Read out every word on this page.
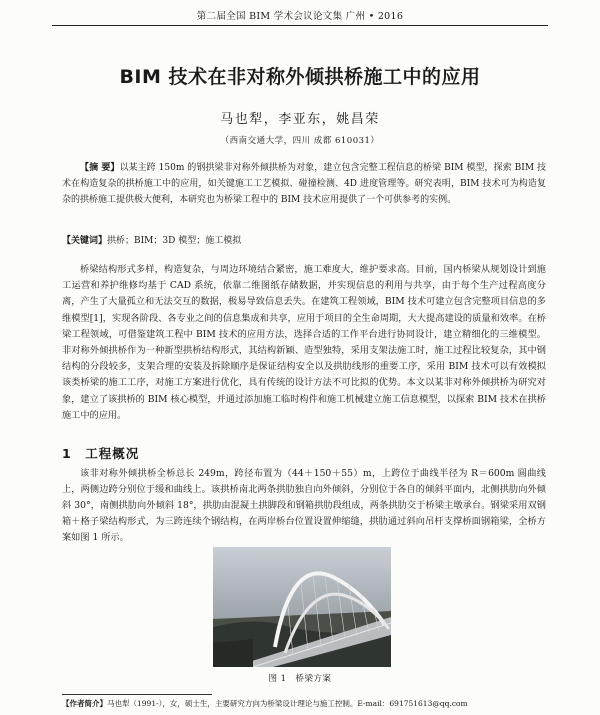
第二届全国 BIM 学术会议论文集 广州 • 2016
BIM 技术在非对称外倾拱桥施工中的应用
马也犁，李亚东，姚昌荣
（西南交通大学，四川 成都 610031）

【摘 要】以某主跨 150m 的钢拱梁非对称外倾拱桥为对象，建立包含完整工程信息的桥梁 BIM 模型，探索 BIM 技术在构造复杂的拱桥施工中的应用，如关键施工工艺模拟、碰撞检测、4D 进度管理等。研究表明，BIM 技术可为构造复杂的拱桥施工提供极大便利，本研究也为桥梁工程中的 BIM 技术应用提供了一个可供参考的实例。

【关键词】拱桥；BIM；3D 模型；施工模拟

桥梁结构形式多样，构造复杂，与周边环境结合紧密，施工难度大，维护要求高。目前，国内桥梁从规划设计到施工运营和养护维修均基于 CAD 系统，依靠二维图纸存储数据，并实现信息的利用与共享，由于每个生产过程高度分离，产生了大量孤立和无法交互的数据，极易导致信息丢失。在建筑工程领域，BIM 技术可建立包含完整项目信息的多维模型[1]，实现各阶段、各专业之间的信息集成和共享，应用于项目的全生命周期，大大提高建设的质量和效率。在桥梁工程领域，可借鉴建筑工程中 BIM 技术的应用方法，选择合适的工作平台进行协同设计，建立精细化的三维模型。非对称外倾拱桥作为一种新型拱桥结构形式，其结构新颖、造型独特，采用支架法施工时，施工过程比较复杂，其中钢结构的分段较多，支架合理的安装及拆除顺序是保证结构安全以及拱肋线形的重要工序，采用 BIM 技术可以有效模拟该类桥梁的施工工序，对施工方案进行优化，具有传统的设计方法不可比拟的优势。本文以某非对称外倾拱桥为研究对象，建立了该拱桥的 BIM 核心模型，并通过添加施工临时构件和施工机械建立施工信息模型，以探索 BIM 技术在拱桥施工中的应用。

1　工程概况

该非对称外倾拱桥全桥总长 249m，跨径布置为（44＋150＋55）m，上跨位于曲线半径为 R＝600m 圆曲线上，两侧边跨分别位于缓和曲线上。该拱桥南北两条拱肋独自向外倾斜，分别位于各自的倾斜平面内，北侧拱肋向外倾斜 30°，南侧拱肋向外倾斜 18°，拱肋由混凝土拱脚段和钢箱拱肋段组成，两条拱肋交于桥梁主墩承台。钢梁采用双钢箱＋格子梁结构形式，为三跨连续个钢结构，在两岸桥台位置设置伸缩缝，拱肋通过斜向吊杆支撑桥面钢箱梁，全桥方案如图 1 所示。

图 1　桥梁方案
【作者简介】马也犁（1991-），女，硕士生，主要研究方向为桥梁设计理论与施工控制。E-mail：691751613@qq.com
